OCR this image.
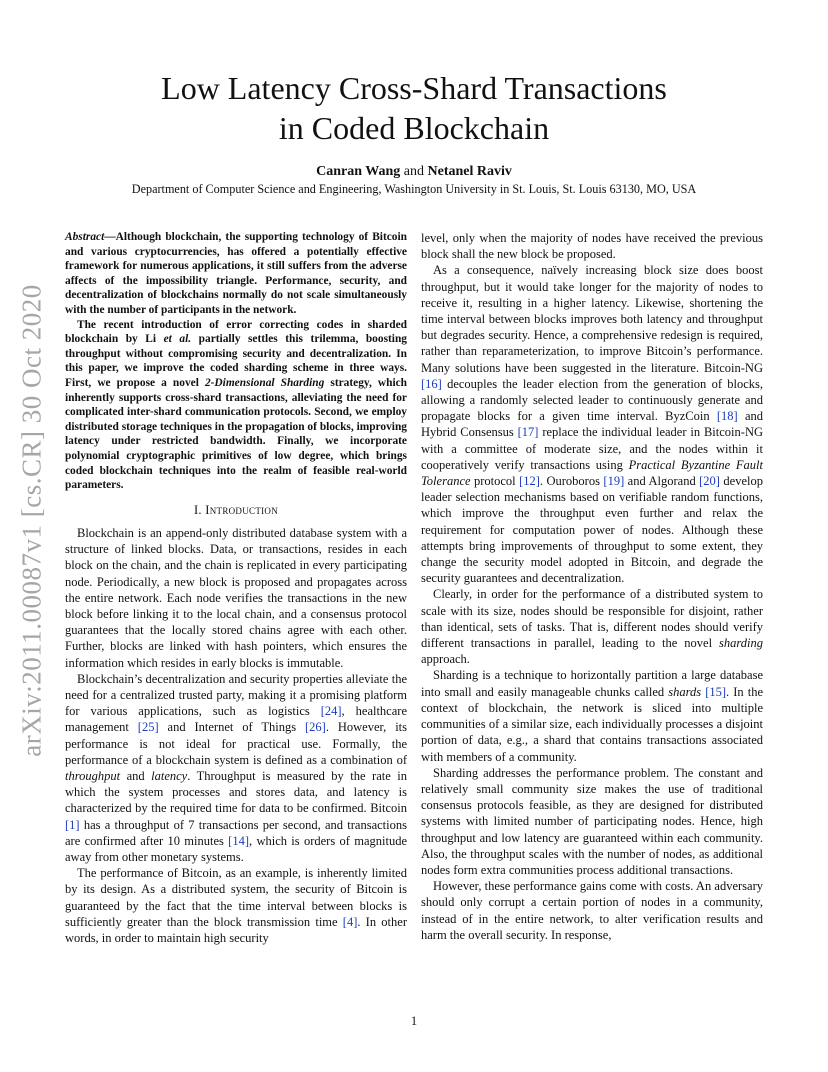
arXiv:2011.00087v1 [cs.CR] 30 Oct 2020
Low Latency Cross-Shard Transactions
in Coded Blockchain
Canran Wang and Netanel Raviv
Department of Computer Science and Engineering, Washington University in St. Louis, St. Louis 63130, MO, USA

Abstract—Although blockchain, the supporting technology of Bitcoin and various cryptocurrencies, has offered a potentially effective framework for numerous applications, it still suffers from the adverse affects of the impossibility triangle. Performance, security, and decentralization of blockchains normally do not scale simultaneously with the number of participants in the network.

The recent introduction of error correcting codes in sharded blockchain by Li et al. partially settles this trilemma, boosting throughput without compromising security and decentralization. In this paper, we improve the coded sharding scheme in three ways. First, we propose a novel 2-Dimensional Sharding strategy, which inherently supports cross-shard transactions, alleviating the need for complicated inter-shard communication protocols. Second, we employ distributed storage techniques in the propagation of blocks, improving latency under restricted bandwidth. Finally, we incorporate polynomial cryptographic primitives of low degree, which brings coded blockchain techniques into the realm of feasible real-world parameters.

I. Introduction

Blockchain is an append-only distributed database system with a structure of linked blocks. Data, or transactions, resides in each block on the chain, and the chain is replicated in every participating node. Periodically, a new block is proposed and propagates across the entire network. Each node verifies the transactions in the new block before linking it to the local chain, and a consensus protocol guarantees that the locally stored chains agree with each other. Further, blocks are linked with hash pointers, which ensures the information which resides in early blocks is immutable.

Blockchain’s decentralization and security properties alleviate the need for a centralized trusted party, making it a promising platform for various applications, such as logistics [24], healthcare management [25] and Internet of Things [26]. However, its performance is not ideal for practical use. Formally, the performance of a blockchain system is defined as a combination of throughput and latency. Throughput is measured by the rate in which the system processes and stores data, and latency is characterized by the required time for data to be confirmed. Bitcoin [1] has a throughput of 7 transactions per second, and transactions are confirmed after 10 minutes [14], which is orders of magnitude away from other monetary systems.

The performance of Bitcoin, as an example, is inherently limited by its design. As a distributed system, the security of Bitcoin is guaranteed by the fact that the time interval between blocks is sufficiently greater than the block transmission time [4]. In other words, in order to maintain high security

level, only when the majority of nodes have received the previous block shall the new block be proposed.

As a consequence, naïvely increasing block size does boost throughput, but it would take longer for the majority of nodes to receive it, resulting in a higher latency. Likewise, shortening the time interval between blocks improves both latency and throughput but degrades security. Hence, a comprehensive redesign is required, rather than reparameterization, to improve Bitcoin’s performance. Many solutions have been suggested in the literature. Bitcoin-NG [16] decouples the leader election from the generation of blocks, allowing a randomly selected leader to continuously generate and propagate blocks for a given time interval. ByzCoin [18] and Hybrid Consensus [17] replace the individual leader in Bitcoin-NG with a committee of moderate size, and the nodes within it cooperatively verify transactions using Practical Byzantine Fault Tolerance protocol [12]. Ouroboros [19] and Algorand [20] develop leader selection mechanisms based on verifiable random functions, which improve the throughput even further and relax the requirement for computation power of nodes. Although these attempts bring improvements of throughput to some extent, they change the security model adopted in Bitcoin, and degrade the security guarantees and decentralization.

Clearly, in order for the performance of a distributed system to scale with its size, nodes should be responsible for disjoint, rather than identical, sets of tasks. That is, different nodes should verify different transactions in parallel, leading to the novel sharding approach.

Sharding is a technique to horizontally partition a large database into small and easily manageable chunks called shards [15]. In the context of blockchain, the network is sliced into multiple communities of a similar size, each individually processes a disjoint portion of data, e.g., a shard that contains transactions associated with members of a community.

Sharding addresses the performance problem. The constant and relatively small community size makes the use of traditional consensus protocols feasible, as they are designed for distributed systems with limited number of participating nodes. Hence, high throughput and low latency are guaranteed within each community. Also, the throughput scales with the number of nodes, as additional nodes form extra communities process additional transactions.

However, these performance gains come with costs. An adversary should only corrupt a certain portion of nodes in a community, instead of in the entire network, to alter verification results and harm the overall security. In response,

1
